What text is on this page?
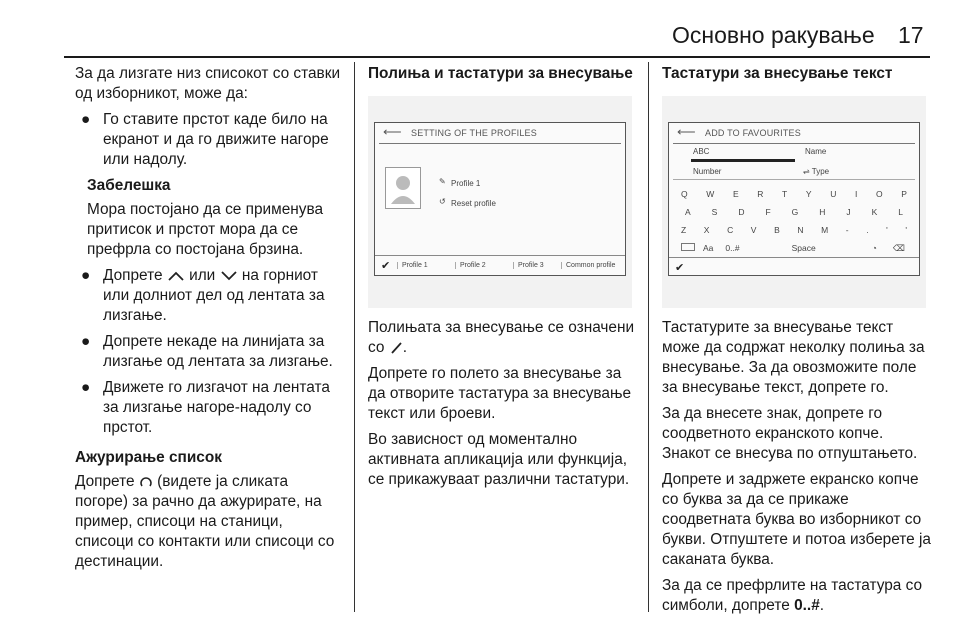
Основно ракување 17

За да лизгате низ списокот со ставки од изборникот, може да:

● Го ставите прстот каде било на екранот и да го движите нагоре или надолу.
Забелешка

Мора постојано да се применува притисок и прстот мора да се префрла со постојана брзина.

● Допрете или на горниот или долниот дел од лентата за лизгање.
● Допрете некаде на линијата за лизгање од лентата за лизгање.
● Движете го лизгачот на лентата за лизгање нагоре-надолу со прстот.
Ажурирање список

Допрете (видете ја сликата погоре) за рачно да ажурирате, на пример, списоци на станици, списоци со контакти или списоци со дестинации.

Полиња и тастатури за внесување
⟵ SETTING OF THE PROFILES
✎ Profile 1
↺ Reset profile
✔	Profile 1	Profile 2	Profile 3	Common profile

Полињата за внесување се означени со .

Допрете го полето за внесување за да отворите тастатура за внесување текст или броеви.

Во зависност од моментално активната апликација или функција, се прикажуваат различни тастатури.

Тастатури за внесување текст
⟵ ADD TO FAVOURITES
ABC	Name
Number	⇌ Type
Q W E R T Y U I O P
A S D F G H J K L
Z X C V B N M - . ' '
Aa 0..#	Space	◔ ⌫
✔

Тастатурите за внесување текст може да содржат неколку полиња за внесување. За да овозможите поле за внесување текст, допрете го.

За да внесете знак, допрете го соодветното екранското копче. Знакот се внесува по отпуштањето.

Допрете и задржете екранско копче со буква за да се прикаже соодветната буква во изборникот со букви. Отпуштете и потоа изберете ја саканата буква.

За да се префрлите на тастатура со симболи, допрете 0..#.
